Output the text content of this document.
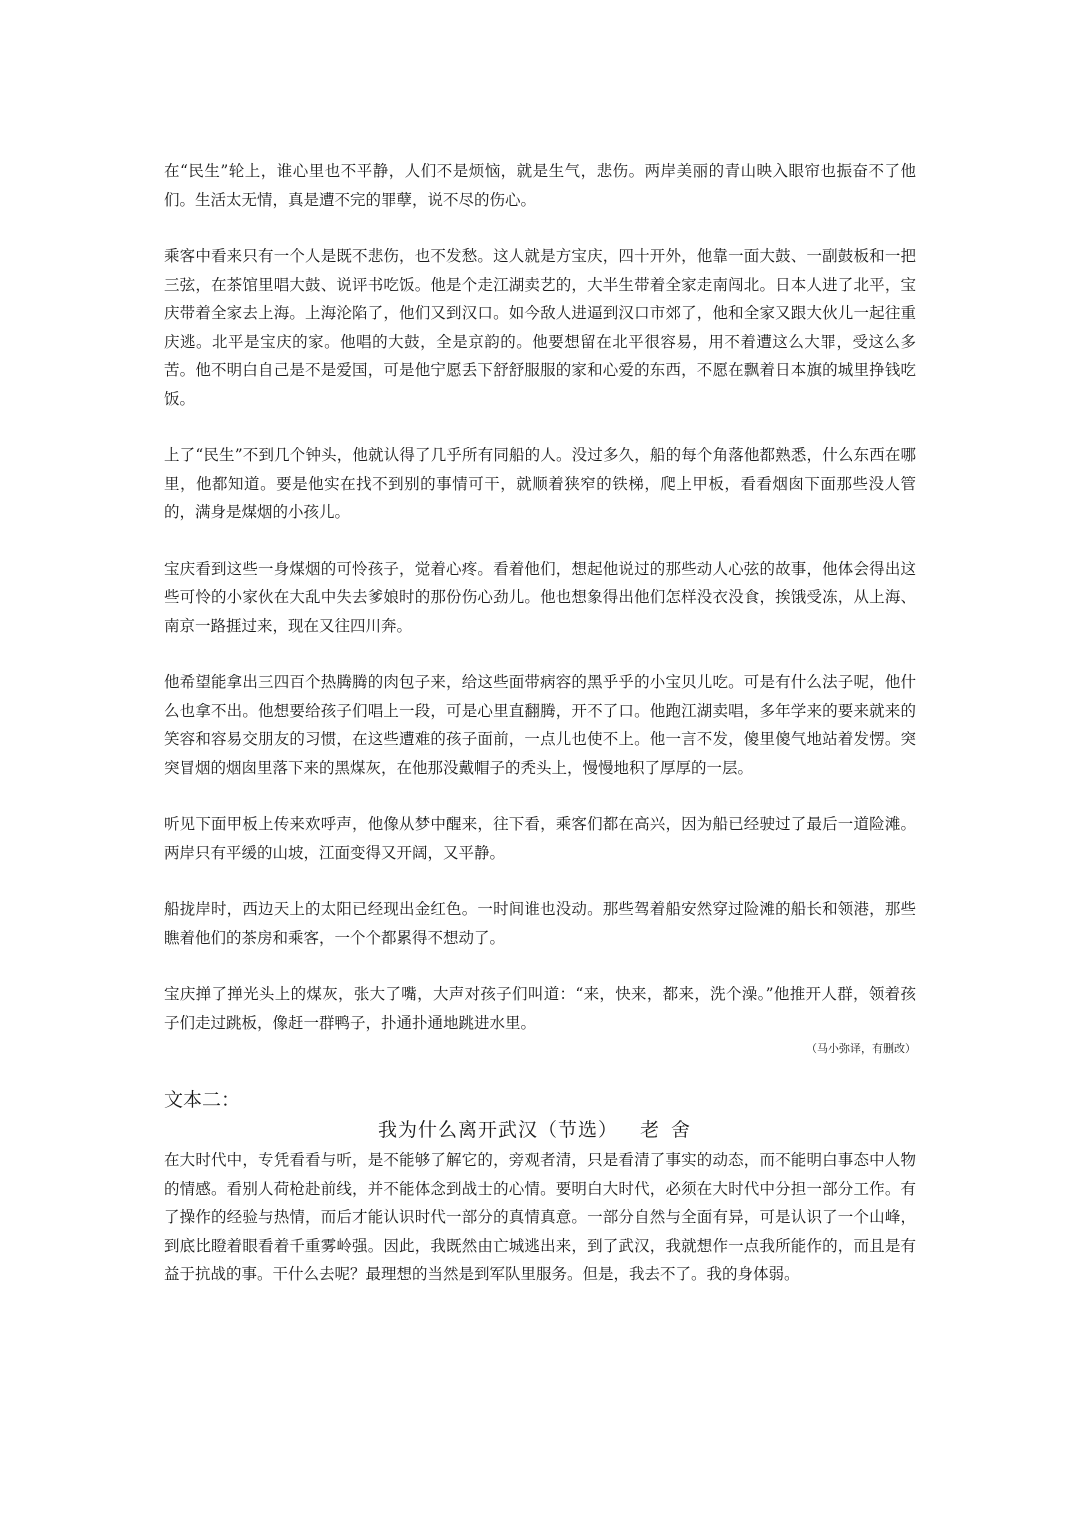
在“民生”轮上，谁心里也不平静，人们不是烦恼，就是生气，悲伤。两岸美丽的青山映入眼帘也振奋不了他们。生活太无情，真是遭不完的罪孽，说不尽的伤心。

乘客中看来只有一个人是既不悲伤，也不发愁。这人就是方宝庆，四十开外，他靠一面大鼓、一副鼓板和一把三弦，在茶馆里唱大鼓、说评书吃饭。他是个走江湖卖艺的，大半生带着全家走南闯北。日本人进了北平，宝庆带着全家去上海。上海沦陷了，他们又到汉口。如今敌人进逼到汉口市郊了，他和全家又跟大伙儿一起往重庆逃。北平是宝庆的家。他唱的大鼓，全是京韵的。他要想留在北平很容易，用不着遭这么大罪，受这么多苦。他不明白自己是不是爱国，可是他宁愿丢下舒舒服服的家和心爱的东西，不愿在飘着日本旗的城里挣钱吃饭。

上了“民生”不到几个钟头，他就认得了几乎所有同船的人。没过多久，船的每个角落他都熟悉，什么东西在哪里，他都知道。要是他实在找不到别的事情可干，就顺着狭窄的铁梯，爬上甲板，看看烟囱下面那些没人管的，满身是煤烟的小孩儿。

宝庆看到这些一身煤烟的可怜孩子，觉着心疼。看着他们，想起他说过的那些动人心弦的故事，他体会得出这些可怜的小家伙在大乱中失去爹娘时的那份伤心劲儿。他也想象得出他们怎样没衣没食，挨饿受冻，从上海、南京一路捱过来，现在又往四川奔。

他希望能拿出三四百个热腾腾的肉包子来，给这些面带病容的黑乎乎的小宝贝儿吃。可是有什么法子呢，他什么也拿不出。他想要给孩子们唱上一段，可是心里直翻腾，开不了口。他跑江湖卖唱，多年学来的要来就来的笑容和容易交朋友的习惯，在这些遭难的孩子面前，一点儿也使不上。他一言不发，傻里傻气地站着发愣。突突冒烟的烟囱里落下来的黑煤灰，在他那没戴帽子的秃头上，慢慢地积了厚厚的一层。

听见下面甲板上传来欢呼声，他像从梦中醒来，往下看，乘客们都在高兴，因为船已经驶过了最后一道险滩。两岸只有平缓的山坡，江面变得又开阔，又平静。

船拢岸时，西边天上的太阳已经现出金红色。一时间谁也没动。那些驾着船安然穿过险滩的船长和领港，那些瞧着他们的茶房和乘客，一个个都累得不想动了。

宝庆掸了掸光头上的煤灰，张大了嘴，大声对孩子们叫道：“来，快来，都来，洗个澡。”他推开人群，领着孩子们走过跳板，像赶一群鸭子，扑通扑通地跳进水里。

（马小弥译，有删改）
文本二：
我为什么离开武汉（节选） 老舍

在大时代中，专凭看看与听，是不能够了解它的，旁观者清，只是看清了事实的动态，而不能明白事态中人物的情感。看别人荷枪赴前线，并不能体念到战士的心情。要明白大时代，必须在大时代中分担一部分工作。有了操作的经验与热情，而后才能认识时代一部分的真情真意。一部分自然与全面有异，可是认识了一个山峰，到底比瞪着眼看着千重雾岭强。因此，我既然由亡城逃出来，到了武汉，我就想作一点我所能作的，而且是有益于抗战的事。干什么去呢？最理想的当然是到军队里服务。但是，我去不了。我的身体弱。
